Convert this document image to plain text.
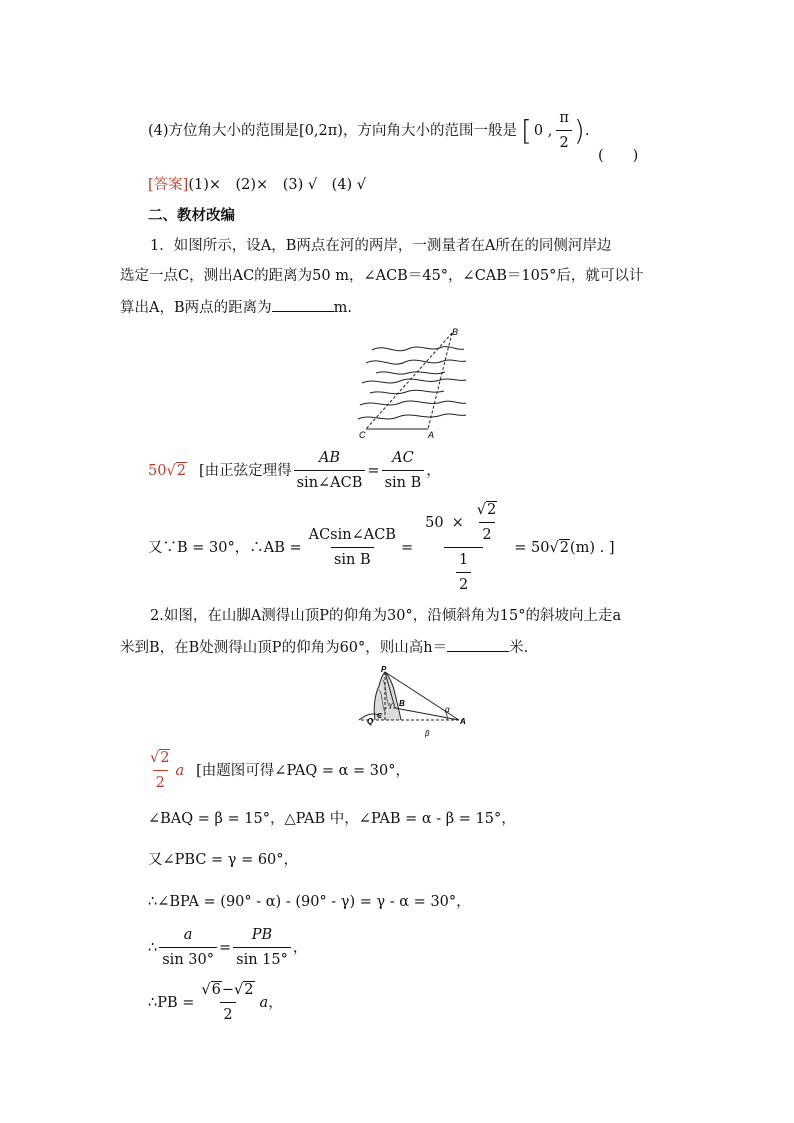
(4)方位角大小的范围是[0,2π)，方向角大小的范围一般是 [ 0 , $\frac{\pi}{2}$ ) .
(　　)
[答案](1)×　(2)×　(3) √　(4) √
二、教材改编
1．如图所示，设A，B两点在河的两岸，一测量者在A所在的同侧河岸边
选定一点C，测出AC的距离为50 m，∠ACB＝45°，∠CAB＝105°后，就可以计
算出A，B两点的距离为	m.
B
C	A
50√2 [由正弦定理得 $\frac{AB}{\text{sin∠ACB}} = \frac{AC}{\text{sin B}}$ ，
又∵B = 30°，∴AB = $\frac{\text{ACsin∠ACB}}{\text{sin B}} = \frac{50 \times \frac{√2}{2}}{\frac{1}{2}} = 50$ √2 (m) . ]
2.如图，在山脚A测得山顶P的仰角为30°，沿倾斜角为15°的斜坡向上走a
米到B，在B处测得山顶P的仰角为60°，则山高h＝	米.
P
B
γ
Q
C
A
α
β
$\frac{√2}{2}$ a [由题图可得∠PAQ = α = 30°，
∠BAQ = β = 15°，△PAB 中，∠PAB = α - β = 15°，
又∠PBC = γ = 60°，
∴∠BPA = (90° - α) - (90° - γ) = γ - α = 30°，
∴ $\frac{a}{\sin 30^\circ} = \frac{PB}{\sin 15^\circ}$ ，
∴PB = $\frac{√6-√2}{2}$ a ，
